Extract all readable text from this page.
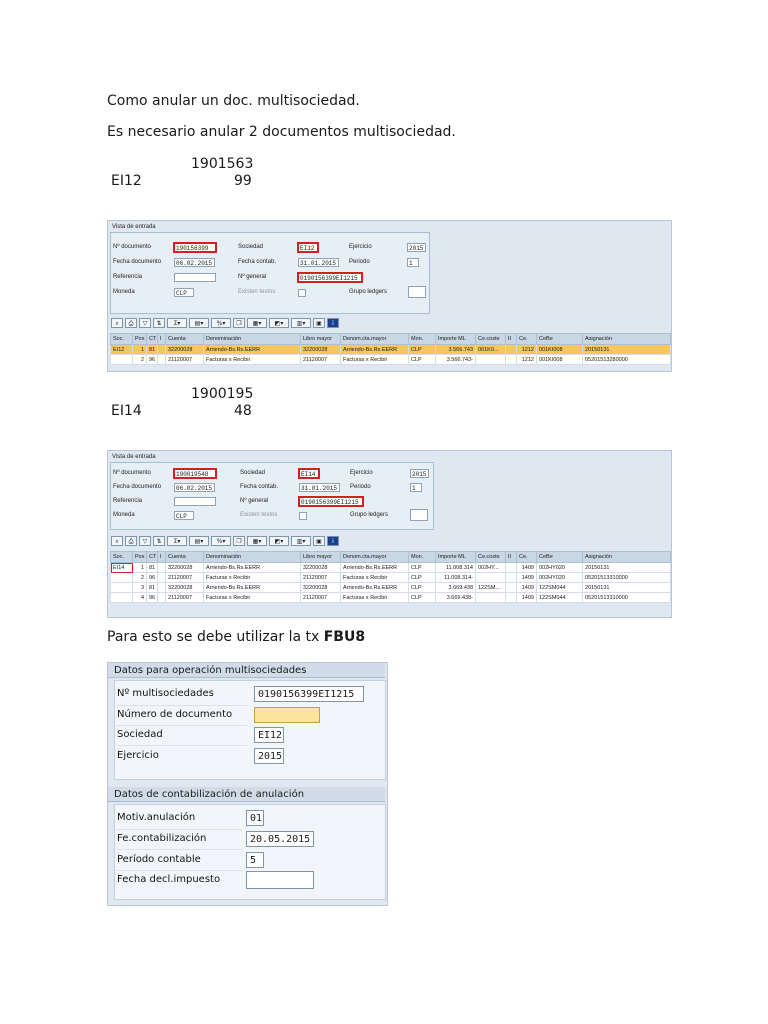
Como anular un doc. multisociedad.
Es necesario anular 2 documentos multisociedad.
1901563
EI12	99
Vista de entrada
Nº documento	190156399	Sociedad	EI12	Ejercicio	2015
Fecha documento	06.02.2015	Fecha contab.	31.01.2015	Periodo	1
Referencia	Nº general	0190156399EI1215
Moneda	CLP	Existen textos	Grupo ledgers
⌕	⎙	▽	⇅	Σ▾	▤▾	%▾	❐	▦▾	◩▾	▥▾	▣	i
Soc.	Pos	CT	I	Cuenta	Denominación	Libro mayor	Denom.cta.mayor	Mon.	Importe ML	Ce.coste	II	Ce.	CeBe	Asignación
EI12	1	81		32200028	Arriendo-Bs.Rs.EERR	32200028	Arriendo-Bs.Rs.EERR	CLP	3.566.743	001K0...		1212	001KI008	20150131
	2	96		21120007	Facturas x Recibir	21120007	Facturas x Recibir	CLP	3.566.743-			1212	001KI008	05201513280000
1900195
EI14	48
Vista de entrada
Nº documento	190019548	Sociedad	EI14	Ejercicio	2015
Fecha documento	06.02.2015	Fecha contab.	31.01.2015	Periodo	1
Referencia	Nº general	0190156399EI1215
Moneda	CLP	Existen textos	Grupo ledgers
⌕	⎙	▽	⇅	Σ▾	▤▾	%▾	❐	▦▾	◩▾	▥▾	▣	i
Soc.	Pos	CT	I	Cuenta	Denominación	Libro mayor	Denom.cta.mayor	Mon.	Importe ML	Ce.coste	II	Ce.	CeBe	Asignación
EI14	1	81		32200028	Arriendo-Bs.Rs.EERR	32200028	Arriendo-Bs.Rs.EERR	CLP	11.008.314	002HY...		1409	002HY020	20150131
	2	96		21120007	Facturas x Recibir	21120007	Facturas x Recibir	CLP	11.008.314-			1409	002HY020	05201513310000
	3	81		32200028	Arriendo-Bs.Rs.EERR	32200028	Arriendo-Bs.Rs.EERR	CLP	3.669.438	122SM...		1409	122SM044	20150131
	4	96		21120007	Facturas x Recibir	21120007	Facturas x Recibir	CLP	3.669.438-			1409	122SM044	05201513310000
Para esto se debe utilizar la tx FBU8
Datos para operación multisociedades
Nº multisociedades	0190156399EI1215
Número de documento
Sociedad	EI12
Ejercicio	2015
Datos de contabilización de anulación
Motiv.anulación	01
Fe.contabilización	20.05.2015
Período contable	5
Fecha decl.impuesto
